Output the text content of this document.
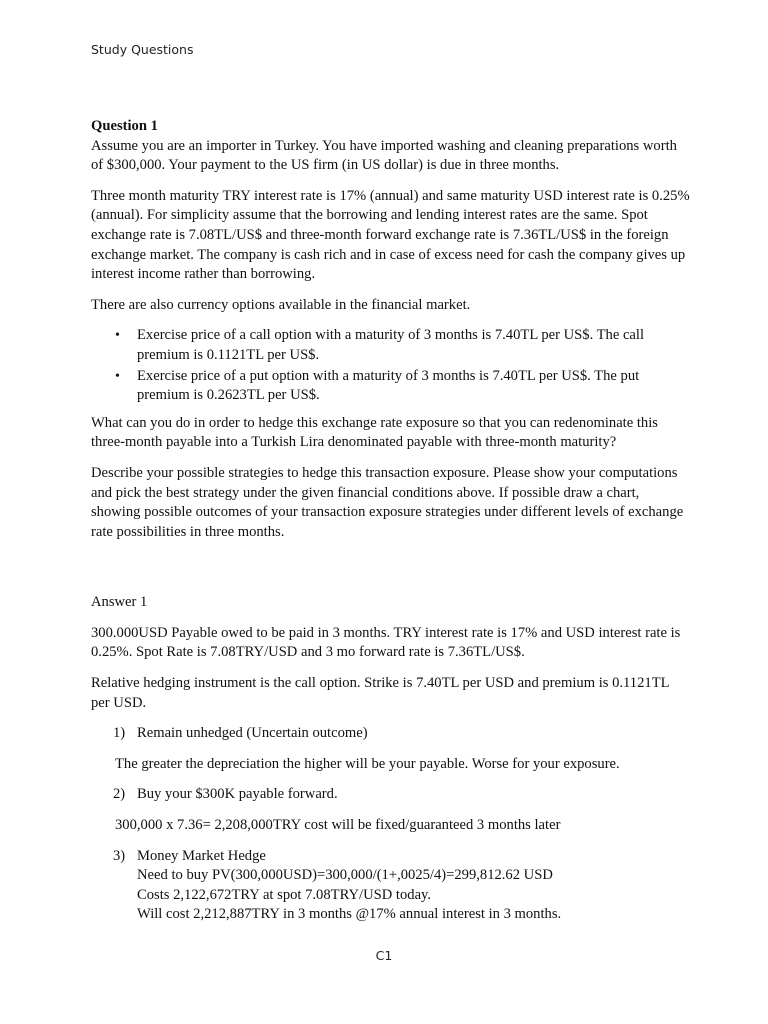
Study Questions
Question 1

Assume you are an importer in Turkey. You have imported washing and cleaning preparations worth of $300,000. Your payment to the US firm (in US dollar) is due in three months.

Three month maturity TRY interest rate is 17% (annual) and same maturity USD interest rate is 0.25% (annual). For simplicity assume that the borrowing and lending interest rates are the same. Spot exchange rate is 7.08TL/US$ and three-month forward exchange rate is 7.36TL/US$ in the foreign exchange market. The company is cash rich and in case of excess need for cash the company gives up interest income rather than borrowing.

There are also currency options available in the financial market.

• Exercise price of a call option with a maturity of 3 months is 7.40TL per US$. The call premium is 0.1121TL per US$.
• Exercise price of a put option with a maturity of 3 months is 7.40TL per US$. The put premium is 0.2623TL per US$.

What can you do in order to hedge this exchange rate exposure so that you can redenominate this three-month payable into a Turkish Lira denominated payable with three-month maturity?

Describe your possible strategies to hedge this transaction exposure. Please show your computations and pick the best strategy under the given financial conditions above. If possible draw a chart, showing possible outcomes of your transaction exposure strategies under different levels of exchange rate possibilities in three months.

Answer 1

300.000USD Payable owed to be paid in 3 months. TRY interest rate is 17% and USD interest rate is 0.25%. Spot Rate is 7.08TRY/USD and 3 mo forward rate is 7.36TL/US$.

Relative hedging instrument is the call option. Strike is 7.40TL per USD and premium is 0.1121TL per USD.

1) Remain unhedged (Uncertain outcome)

The greater the depreciation the higher will be your payable. Worse for your exposure.

2) Buy your $300K payable forward.

300,000 x 7.36= 2,208,000TRY cost will be fixed/guaranteed 3 months later

3) Money Market Hedge
Need to buy PV(300,000USD)=300,000/(1+,0025/4)=299,812.62 USD
Costs 2,122,672TRY at spot 7.08TRY/USD today.
Will cost 2,212,887TRY in 3 months @17% annual interest in 3 months.
C1
